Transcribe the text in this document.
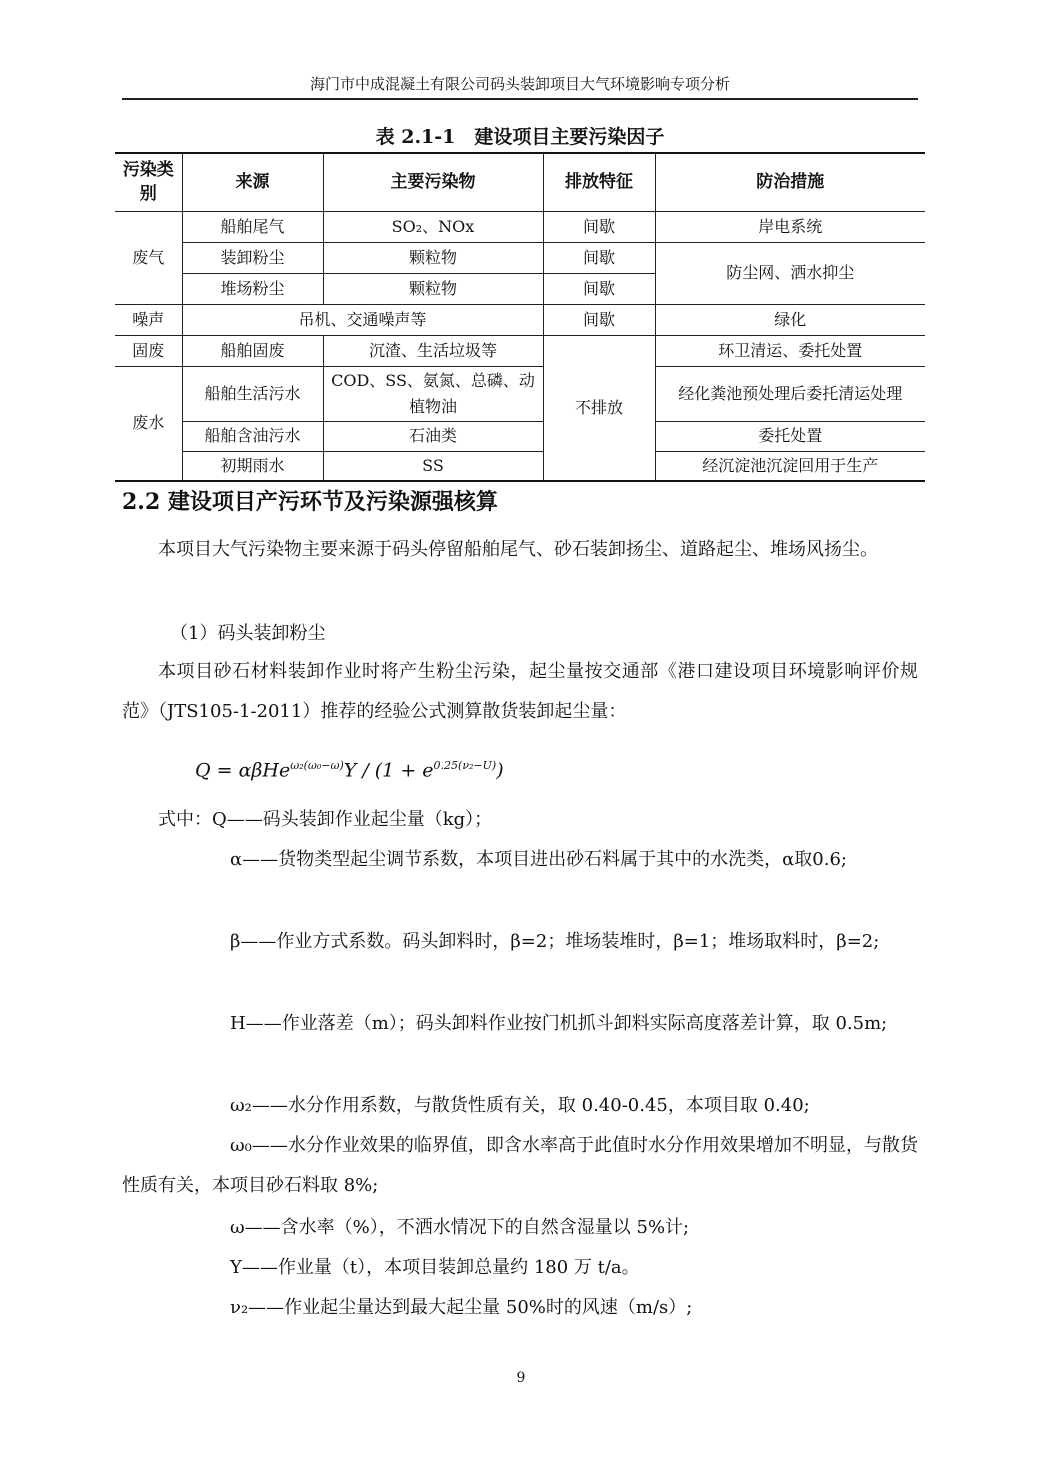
海门市中成混凝土有限公司码头装卸项目大气环境影响专项分析
表 2.1-1　建设项目主要污染因子
污染类别	来源	主要污染物	排放特征	防治措施
废气	船舶尾气	SO₂、NOx	间歇	岸电系统
	装卸粉尘	颗粒物	间歇	防尘网、洒水抑尘
	堆场粉尘	颗粒物	间歇	
噪声	吊机、交通噪声等		间歇	绿化
固废	船舶固废	沉渣、生活垃圾等	不排放	环卫清运、委托处置
废水	船舶生活污水	COD、SS、氨氮、总磷、动植物油		经化粪池预处理后委托清运处理
	船舶含油污水	石油类		委托处置
	初期雨水	SS		经沉淀池沉淀回用于生产
2.2 建设项目产污环节及污染源强核算
本项目大气污染物主要来源于码头停留船舶尾气、砂石装卸扬尘、道路起尘、堆场风扬尘。
（1）码头装卸粉尘
本项目砂石材料装卸作业时将产生粉尘污染，起尘量按交通部《港口建设项目环境影响评价规范》（JTS105-1-2011）推荐的经验公式测算散货装卸起尘量：
$Q = \alpha\beta He^{\omega_2(\omega_0-\omega)}Y / (1 + e^{0.25(\nu_2-U)})$
式中：Q——码头装卸作业起尘量（kg）；
α——货物类型起尘调节系数，本项目进出砂石料属于其中的水洗类，α取0.6;
β——作业方式系数。码头卸料时，β=2；堆场装堆时，β=1；堆场取料时，β=2;
H——作业落差（m）；码头卸料作业按门机抓斗卸料实际高度落差计算，取 0.5m;
ω₂——水分作用系数，与散货性质有关，取 0.40-0.45，本项目取 0.40;
ω₀——水分作业效果的临界值，即含水率高于此值时水分作用效果增加不明显，与散货性质有关，本项目砂石料取 8%;
ω——含水率（%），不洒水情况下的自然含湿量以 5%计;
Y——作业量（t），本项目装卸总量约 180 万 t/a。
ν₂——作业起尘量达到最大起尘量 50%时的风速（m/s）;
9
